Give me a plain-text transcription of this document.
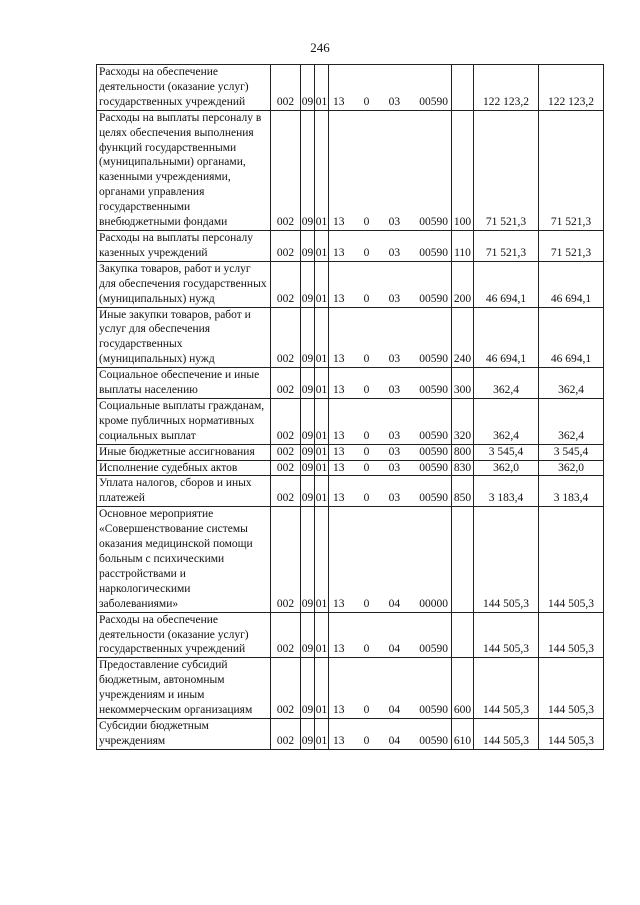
246
Расходы на обеспечение деятельности (оказание услуг) государственных учреждений	002	09	01	13 0 03 00590		122 123,2	122 123,2
Расходы на выплаты персоналу в целях обеспечения выполнения функций государственными (муниципальными) органами, казенными учреждениями, органами управления государственными внебюджетными фондами	002	09	01	13 0 03 00590	100	71 521,3	71 521,3
Расходы на выплаты персоналу казенных учреждений	002	09	01	13 0 03 00590	110	71 521,3	71 521,3
Закупка товаров, работ и услуг для обеспечения государственных (муниципальных) нужд	002	09	01	13 0 03 00590	200	46 694,1	46 694,1
Иные закупки товаров, работ и услуг для обеспечения государственных (муниципальных) нужд	002	09	01	13 0 03 00590	240	46 694,1	46 694,1
Социальное обеспечение и иные выплаты населению	002	09	01	13 0 03 00590	300	362,4	362,4
Социальные выплаты гражданам, кроме публичных нормативных социальных выплат	002	09	01	13 0 03 00590	320	362,4	362,4
Иные бюджетные ассигнования	002	09	01	13 0 03 00590	800	3 545,4	3 545,4
Исполнение судебных актов	002	09	01	13 0 03 00590	830	362,0	362,0
Уплата налогов, сборов и иных платежей	002	09	01	13 0 03 00590	850	3 183,4	3 183,4
Основное мероприятие «Совершенствование системы оказания медицинской помощи больным с психическими расстройствами и наркологическими заболеваниями»	002	09	01	13 0 04 00000		144 505,3	144 505,3
Расходы на обеспечение деятельности (оказание услуг) государственных учреждений	002	09	01	13 0 04 00590		144 505,3	144 505,3
Предоставление субсидий бюджетным, автономным учреждениям и иным некоммерческим организациям	002	09	01	13 0 04 00590	600	144 505,3	144 505,3
Субсидии бюджетным учреждениям	002	09	01	13 0 04 00590	610	144 505,3	144 505,3
